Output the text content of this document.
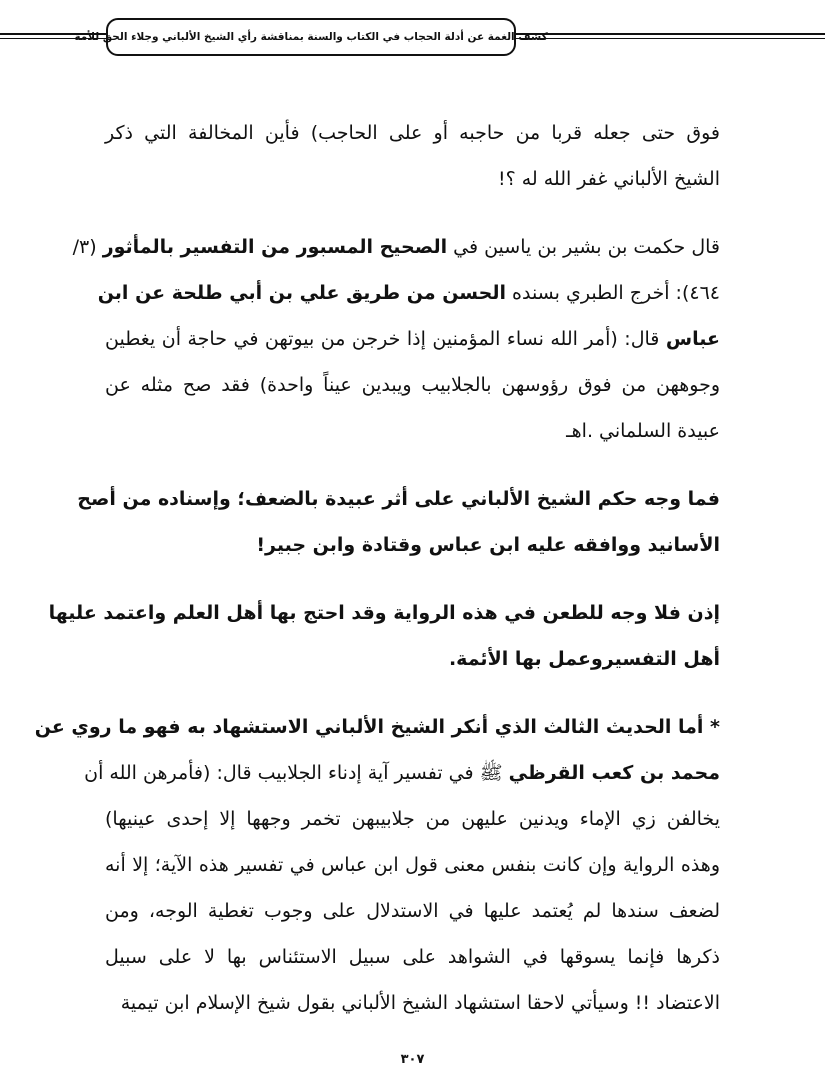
كشف الغمة عن أدلة الحجاب في الكتاب والسنة بمناقشة رأي الشيخ الألباني وجلاء الحق للأمة
فوق حتى جعله قربا من حاجبه أو على الحاجب) فأين المخالفة التي ذكر
الشيخ الألباني غفر الله له ؟!
قال حكمت بن بشير بن ياسين في الصحيح المسبور من التفسير بالمأثور (٣/
٤٦٤): أخرج الطبري بسنده الحسن من طريق علي بن أبي طلحة عن ابن
عباس قال: (أمر الله نساء المؤمنين إذا خرجن من بيوتهن في حاجة أن يغطين
وجوههن من فوق رؤوسهن بالجلابيب ويبدين عيناً واحدة) فقد صح مثله عن
عبيدة السلماني .اهـ
فما وجه حكم الشيخ الألباني على أثر عبيدة بالضعف؛ وإسناده من أصح
الأسانيد ووافقه عليه ابن عباس وقتادة وابن جبير!
إذن فلا وجه للطعن في هذه الرواية وقد احتج بها أهل العلم واعتمد عليها
أهل التفسيروعمل بها الأئمة.
* أما الحديث الثالث الذي أنكر الشيخ الألباني الاستشهاد به فهو ما روي عن
محمد بن كعب القرظي ﷺ في تفسير آية إدناء الجلابيب قال: (فأمرهن الله أن
يخالفن زي الإماء ويدنين عليهن من جلابيبهن تخمر وجهها إلا إحدى عينيها)
وهذه الرواية وإن كانت بنفس معنى قول ابن عباس في تفسير هذه الآية؛ إلا أنه
لضعف سندها لم يُعتمد عليها في الاستدلال على وجوب تغطية الوجه، ومن
ذكرها فإنما يسوقها في الشواهد على سبيل الاستئناس بها لا على سبيل
الاعتضاد !! وسيأتي لاحقا استشهاد الشيخ الألباني بقول شيخ الإسلام ابن تيمية
٣٠٧
